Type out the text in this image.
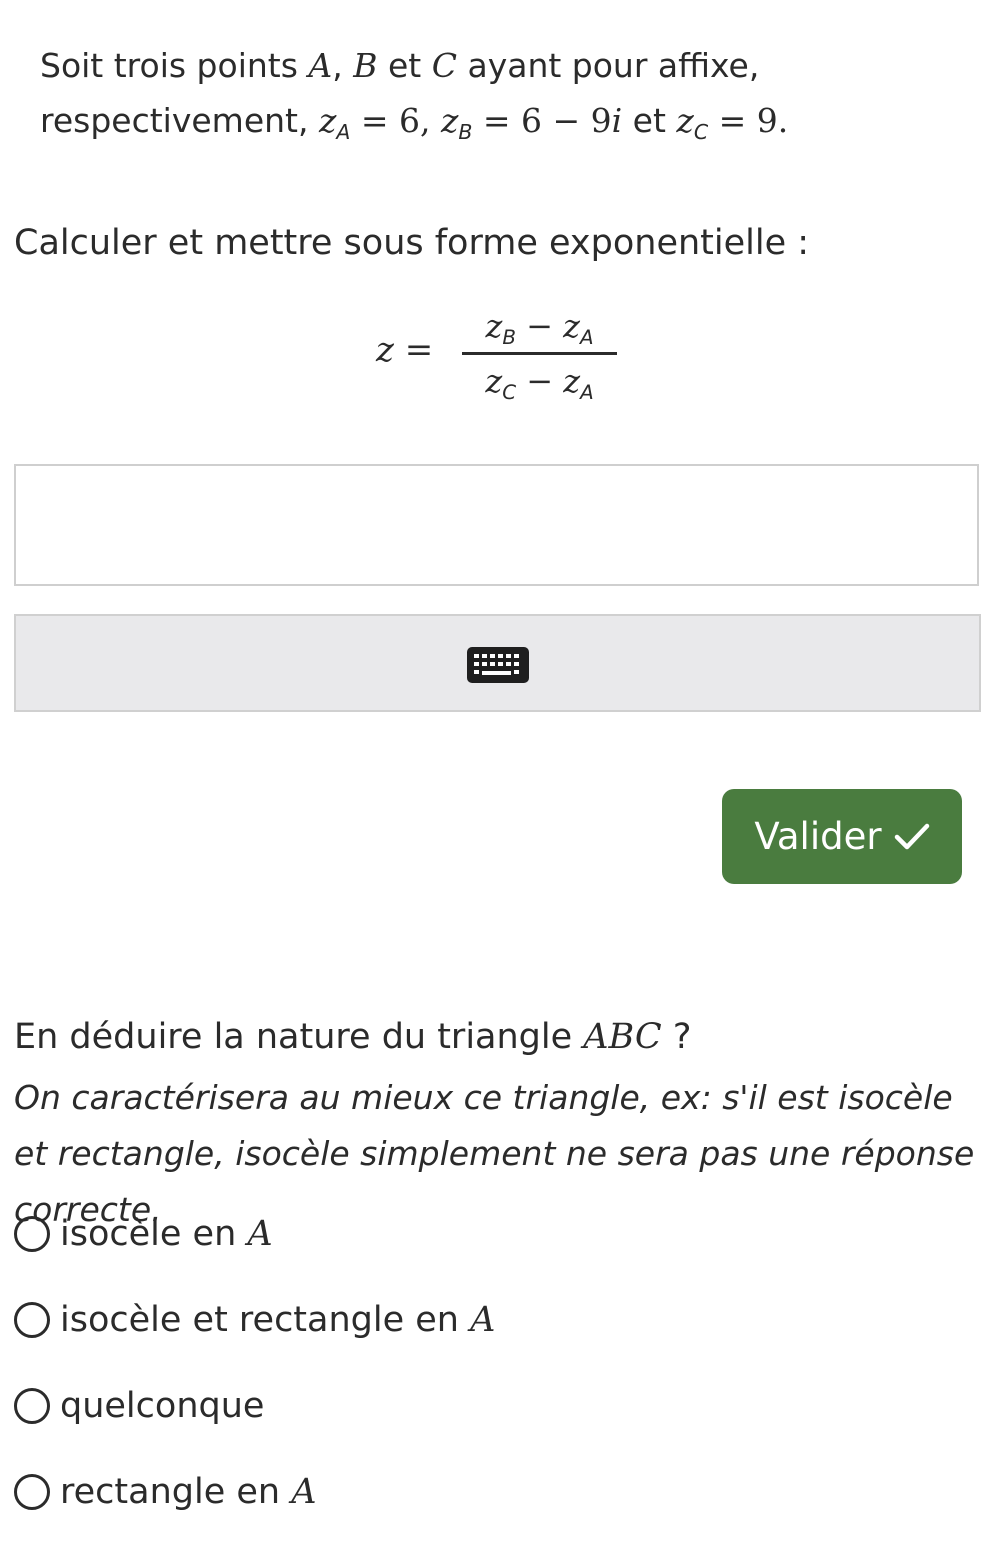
Soit trois points A, B et C ayant pour affixe,
respectivement, $z_A = 6$, $z_B = 6 - 9i$ et $z_C = 9$.
Calculer et mettre sous forme exponentielle :
z =
$z_B - z_A$
$z_C - z_A$
Valider
En déduire la nature du triangle ABC ?
On caractérisera au mieux ce triangle, ex: s'il est isocèle et rectangle, isocèle simplement ne sera pas une réponse correcte.
isocèle en A
isocèle et rectangle en A
quelconque
rectangle en A
